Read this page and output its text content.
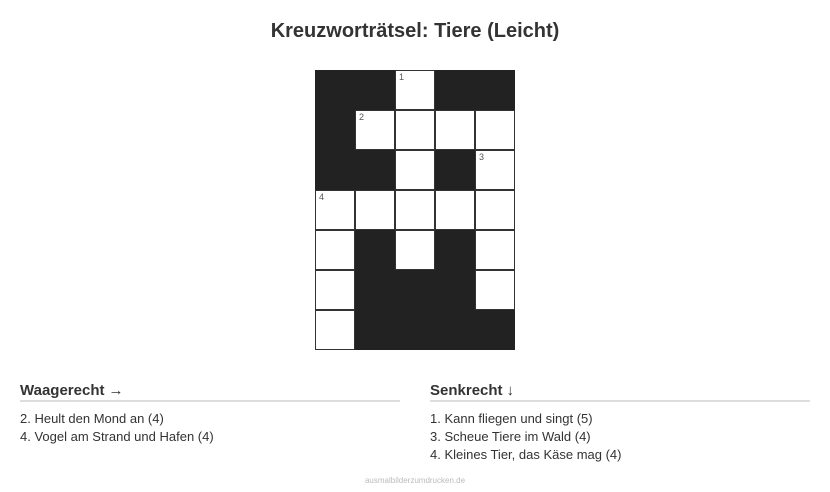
Kreuzworträtsel: Tiere (Leicht)
1
2
3
4
Waagerecht →
2. Heult den Mond an (4)
4. Vogel am Strand und Hafen (4)
Senkrecht ↓
1. Kann fliegen und singt (5)
3. Scheue Tiere im Wald (4)
4. Kleines Tier, das Käse mag (4)
ausmalbilderzumdrucken.de
